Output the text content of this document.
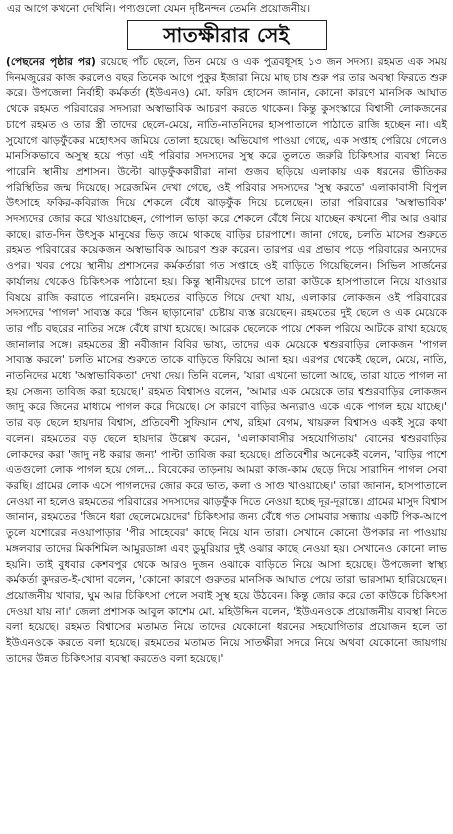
এর আগে কখনো দেখিনি। পণ্যগুলো যেমন দৃষ্টিনন্দন তেমনি প্রয়োজনীয়।
সাতক্ষীরার সেই

(পেছনের পৃষ্ঠার পর) রয়েছে পাঁচ ছেলে, তিন মেয়ে ও এক পুত্রবধূসহ ১৩ জন সদস্য। রহমত এক সময় দিনমজুরের কাজ করলেও বছর তিনেক আগে পুকুর ইজারা নিয়ে মাছ চাষ শুরু পর তার অবস্থা ফিরতে শুরু করে। উপজেলা নির্বাহী কর্মকর্তা (ইউএনও) মো. ফরিদ হোসেন জানান, কোনো কারণে মানসিক আঘাত থেকে রহমত পরিবারের সদস্যরা অস্বাভাবিক আচরণ করতে থাকেন। কিন্তু কুসংস্কারে বিশ্বাসী লোকজনের চাপে রহমত ও তার স্ত্রী তাদের ছেলে-মেয়ে, নাতি-নাতনিদের হাসপাতালে পাঠাতে রাজি হচ্ছেন না। এই সুযোগে ঝাড়ফুঁকের মহোৎসব জমিয়ে তোলা হয়েছে। অভিযোগ পাওয়া গেছে, এক সপ্তাহ পেরিয়ে গেলেও মানসিকভাবে অসুস্থ হয়ে পড়া এই পরিবার সদস্যদের সুস্থ করে তুলতে জরুরি চিকিৎসার ব্যবস্থা নিতে পারেনি স্থানীয় প্রশাসন। উল্টো ঝাড়ফুঁককারীরা নানা গুজব ছড়িয়ে এলাকায় এক ধরনের ভীতিকর পরিস্থিতির জন্ম দিয়েছে। সরেজমিন দেখা গেছে, ওই পরিবার সদস্যদের 'সুস্থ করতে' এলাকাবাসী বিপুল উৎসাহে ফকির-কবিরাজ দিয়ে শেকলে বেঁধে ঝাড়ফুঁক দিয়ে চলেছেন। তারা পরিবারের 'অস্বাভাবিক' সদস্যদের জোর করে খাওয়াচ্ছেন, গোপাল ভাড়া করে শেকলে বেঁধে নিয়ে যাচ্ছেন কখনো পীর আর ওঝার কাছে। রাত-দিন উৎসুক মানুষের ভিড় জমে থাকছে বাড়ির চারপাশে। জানা গেছে, চলতি মাসের শুরুতে রহমত পরিবারের কয়েকজন অস্বাভাবিক আচরণ শুরু করেন। তারপর এর প্রভাব পড়ে পরিবারের অন্যদের ওপর। খবর পেয়ে স্থানীয় প্রশাসনের কর্মকর্তারা গত সপ্তাহে ওই বাড়িতে গিয়েছিলেন। সিভিল সার্জনের কার্যালয় থেকেও চিকিৎসক পাঠানো হয়। কিন্তু স্থানীয়দের চাপে তারা কাউকে হাসপাতালে নিয়ে যাওয়ার বিষয়ে রাজি করাতে পারেননি। রহমতের বাড়িতে গিয়ে দেখা যায়, এলাকার লোকজন ওই পরিবারের সদস্যদের 'পাগল' সাব্যস্ত করে 'জিন ছাড়ানোর' চেষ্টায় ব্যস্ত রয়েছেন। রহমতের দুই ছেলে ও এক মেয়েকে তার পাঁচ বছরের নাতির সঙ্গে বেঁধে রাখা হয়েছে। আরেক ছেলেকে পায়ে শেকল পরিয়ে আটকে রাখা হয়েছে জানালার সঙ্গে। রহমতের স্ত্রী নবীজান বিবির ভাষ্য, তাদের এক মেয়েকে শ্বশুরবাড়ির লোকজন 'পাগল সাব্যস্ত করলে' চলতি মাসের শুরুতে তাকে বাড়িতে ফিরিয়ে আনা হয়। এরপর থেকেই ছেলে, মেয়ে, নাতি, নাতনিদের মধ্যে 'অস্বাভাবিকতা' দেখা দেয়। তিনি বলেন, 'যারা এখনো ভালো আছে, তারা যাতে পাগল না হয় সেজন্য তাবিজ করা হয়েছে।' রহমত বিশ্বাসও বলেন, 'আমার এক মেয়েকে তার শ্বশুরবাড়ির লোকজন জাদু করে জিনের মাধ্যমে পাগল করে দিয়েছে। সে কারণে বাড়ির অন্যরাও একে একে পাগল হয়ে যাচ্ছে।' তার বড় ছেলে হায়দার বিশ্বাস, প্রতিবেশী সুফিয়ান শেখ, রহিমা বেগম, খায়রুল বিশ্বাসও একই সুরে কথা বলেন। রহমতের বড় ছেলে হায়দার উল্লেখ করেন, 'এলাকাবাসীর সহযোগিতায়' বোনের শ্বশুরবাড়ির লোকদের করা 'জাদু নষ্ট করার জন্য' পাল্টা তাবিজ করা হয়েছে। প্রতিবেশীর অনেকেই বলেন, 'বাড়ির পাশে এতগুলো লোক পাগল হয়ে গেল... বিবেকের তাড়নায় আমরা কাজ-কাম ছেড়ে দিয়ে সারাদিন পাগল সেবা করছি। গ্রামের লোক এসে পাগলদের জোর করে ভাত, কলা ও সাগু খাওয়াচ্ছে।' তারা জানান, হাসপাতালে নেওয়া না হলেও রহমতের পরিবারের সদস্যদের ঝাড়ফুঁক দিতে নেওয়া হচ্ছে দূর-দূরান্তে। গ্রামের মাসুদ বিশ্বাস জানান, রহমতের 'জিনে ধরা ছেলেমেয়েদের' চিকিৎসার জন্য বেঁধে গত সোমবার সন্ধ্যায় একটি পিক-আপে তুলে যশোরের নওয়াপাড়ার 'পীর সাহেবের' কাছে নিয়ে যান তারা। সেখানে কোনো উপকার না পাওয়ায় মঙ্গলবার তাদের মিকশিমিল আমুরডাঙ্গা এবং ডুমুরিয়ার দুই ওঝার কাছে নেওয়া হয়। সেখানেও কোনো লাভ হয়নি। তাই বুধবার কেশবপুর থেকে আরও দুজন ওঝাকে বাড়িতে নিয়ে আসা হয়েছে। উপজেলা স্বাস্থ্য কর্মকর্তা কুদরত-ই-খোদা বলেন, 'কোনো কারণে গুরুতর মানসিক আঘাত পেয়ে তারা ভারসাম্য হারিয়েছেন। প্রয়োজনীয় খাবার, ঘুম আর চিকিৎসা পেলে সবাই সুস্থ হয়ে উঠবেন। কিন্তু জোর করে তো কাউকে চিকিৎসা দেওয়া যায় না।' জেলা প্রশাসক আবুল কাশেম মো. মহিউদ্দিন বলেন, 'ইউএনওকে প্রয়োজনীয় ব্যবস্থা নিতে বলা হয়েছে। রহমত বিশ্বাসের মতামত নিয়ে তাদের যেকোনো ধরনের সহযোগিতার প্রয়োজন হলে তা ইউএনওকে করতে বলা হয়েছে। রহমতের মতামত নিয়ে সাতক্ষীরা সদরে নিয়ে অথবা যেকোনো জায়গায় তাদের উন্নত চিকিৎসার ব্যবস্থা করতেও বলা হয়েছে।'
